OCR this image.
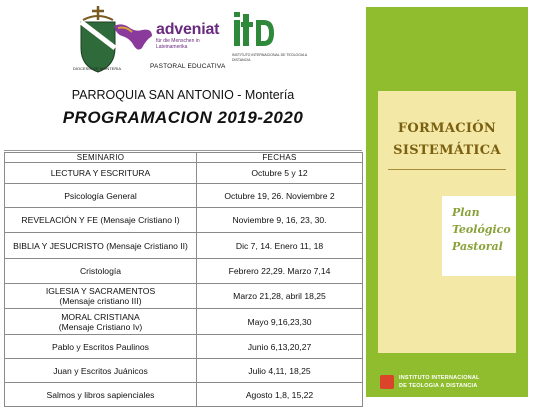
DIOCESIS DE MONTERIA
adveniat
für die Menschen in Lateinamerika
PASTORAL EDUCATIVA
INSTITUTO INTERNACIONAL DE TEOLOGIA A DISTANCIA
PARROQUIA SAN ANTONIO - Montería
PROGRAMACION 2019-2020
SEMINARIO	FECHAS
LECTURA Y ESCRITURA	Octubre 5 y 12
Psicología General	Octubre 19, 26. Noviembre 2
REVELACIÓN Y FE (Mensaje Cristiano I)	Noviembre 9, 16, 23, 30.
BIBLIA Y JESUCRISTO (Mensaje Cristiano II)	Dic 7, 14. Enero 11, 18
Cristología	Febrero 22,29. Marzo 7,14
IGLESIA Y SACRAMENTOS
(Mensaje cristiano III)	Marzo 21,28, abril 18,25
MORAL CRISTIANA
(Mensaje Cristiano Iv)	Mayo 9,16,23,30
Pablo y Escritos Paulinos	Junio 6,13,20,27
Juan y Escritos Juánicos	Julio 4,11, 18,25
Salmos y libros sapienciales	Agosto 1,8, 15,22
FORMACIÓN
SISTEMÁTICA
Plan
Teológico
Pastoral
INSTITUTO INTERNACIONAL
DE TEOLOGIA A DISTANCIA
